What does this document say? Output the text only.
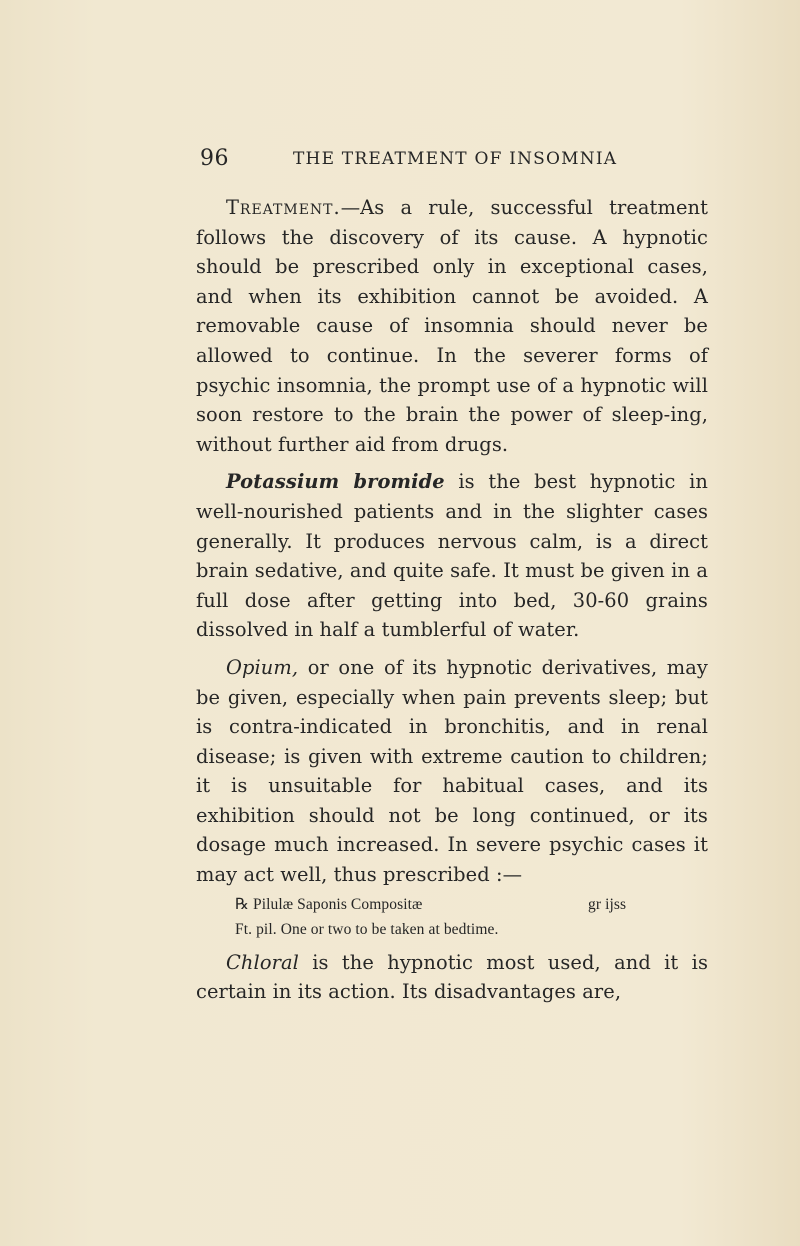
96	THE TREATMENT OF INSOMNIA

Treatment.—As a rule, successful treatment follows the discovery of its cause. A hypnotic should be prescribed only in exceptional cases, and when its exhibition cannot be avoided. A removable cause of insomnia should never be allowed to continue. In the severer forms of psychic insomnia, the prompt use of a hypnotic will soon restore to the brain the power of sleep-ing, without further aid from drugs.

Potassium bromide is the best hypnotic in well-nourished patients and in the slighter cases generally. It produces nervous calm, is a direct brain sedative, and quite safe. It must be given in a full dose after getting into bed, 30-60 grains dissolved in half a tumblerful of water.

Opium, or one of its hypnotic derivatives, may be given, especially when pain prevents sleep; but is contra-indicated in bronchitis, and in renal disease; is given with extreme caution to children; it is unsuitable for habitual cases, and its exhibition should not be long continued, or its dosage much increased. In severe psychic cases it may act well, thus prescribed :—

℞ Pilulæ Saponis Compositæ	gr ijss
Ft. pil. One or two to be taken at bedtime.

Chloral is the hypnotic most used, and it is certain in its action. Its disadvantages are,
